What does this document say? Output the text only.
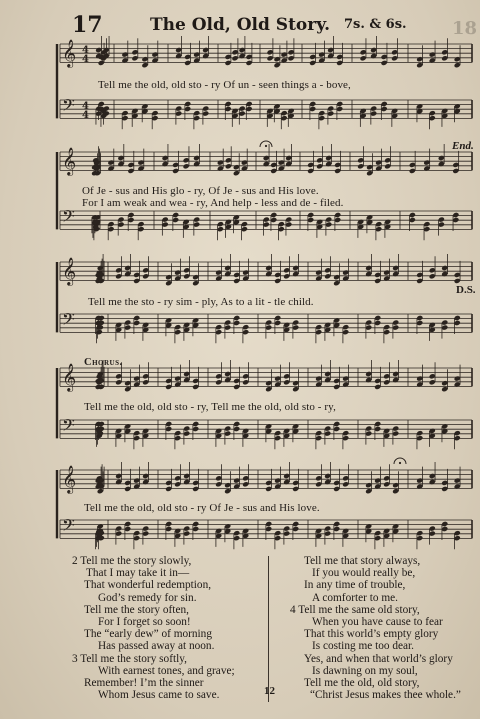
17	The Old, Old Story. 7s. & 6s.	18
𝄞
𝄢
4
4
4
4
𝄞
𝄢
𝄞
𝄢
𝄞
𝄢
𝄞
𝄢
Tell me the old, old sto - ry Of un - seen things a - bove,
End.
Of Je - sus and His glo - ry, Of Je - sus and His love.
For I am weak and wea - ry, And help - less and de - filed.
D.S.
Tell me the sto - ry sim - ply, As to a lit - tle child.
Chorus.
Tell me the old, old sto - ry, Tell me the old, old sto - ry,
Tell me the old, old sto - ry Of Je - sus and His love.
2 Tell me the story slowly,
That I may take it in—
That wonderful redemption,
God’s remedy for sin.
Tell me the story often,
For I forget so soon!
The “early dew” of morning
Has passed away at noon.
3 Tell me the story softly,
With earnest tones, and grave;
Remember! I’m the sinner
Whom Jesus came to save.
Tell me that story always,
If you would really be,
In any time of trouble,
A comforter to me.
4 Tell me the same old story,
When you have cause to fear
That this world’s empty glory
Is costing me too dear.
Yes, and when that world’s glory
Is dawning on my soul,
Tell me the old, old story,
“Christ Jesus makes thee whole.”
12
